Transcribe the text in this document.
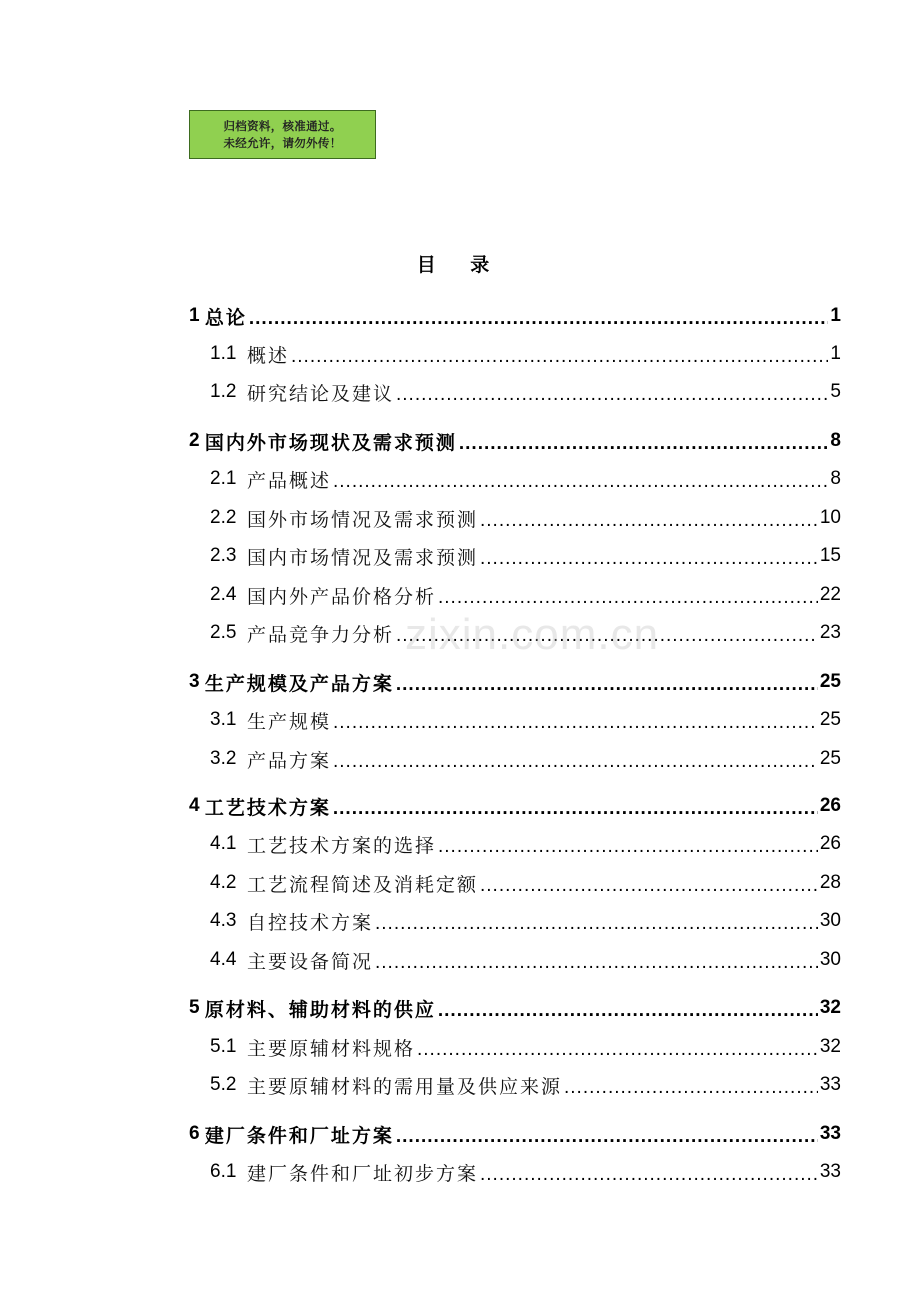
归档资料，核准通过。
未经允许，请勿外传！
目 录
1 总论 .....	1
1.1 概述 .....	1
1.2 研究结论及建议 .....	5
2 国内外市场现状及需求预测 .....	8
2.1 产品概述 .....	8
2.2 国外市场情况及需求预测 .....	10
2.3 国内市场情况及需求预测 .....	15
2.4 国内外产品价格分析 .....	22
2.5 产品竞争力分析 .....	23
3 生产规模及产品方案 .....	25
3.1 生产规模 .....	25
3.2 产品方案 .....	25
4 工艺技术方案 .....	26
4.1 工艺技术方案的选择 .....	26
4.2 工艺流程简述及消耗定额 .....	28
4.3 自控技术方案 .....	30
4.4 主要设备简况 .....	30
5 原材料、辅助材料的供应 .....	32
5.1 主要原辅材料规格 .....	32
5.2 主要原辅材料的需用量及供应来源 .....	33
6 建厂条件和厂址方案 .....	33
6.1 建厂条件和厂址初步方案 .....	33
zixin.com.cn
